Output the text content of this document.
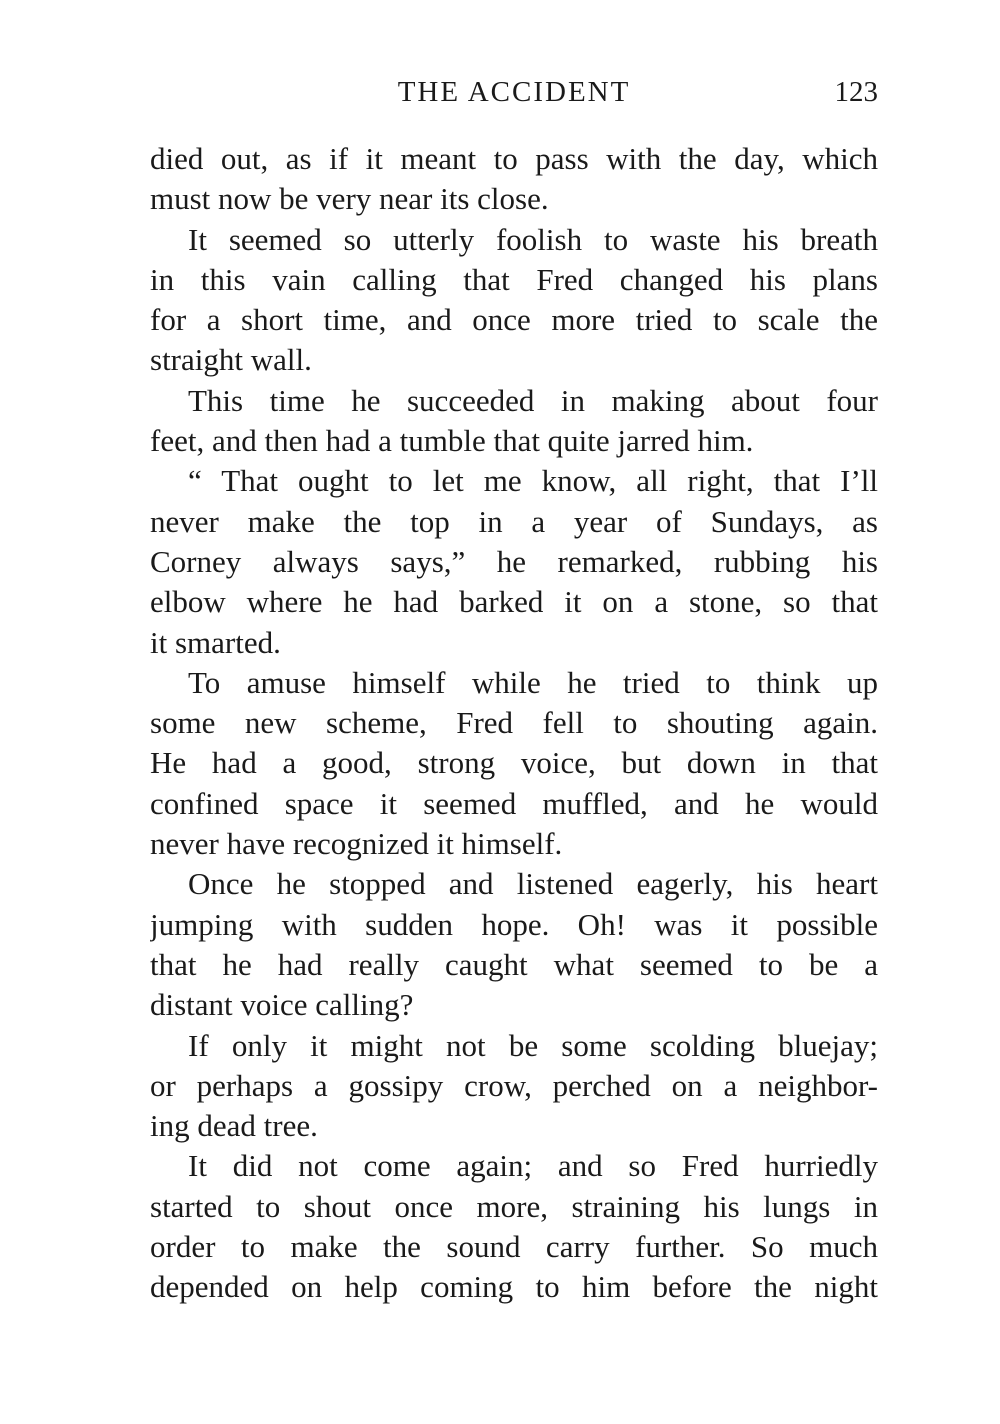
THE ACCIDENT	123
died out, as if it meant to pass with the day, which
must now be very near its close.
It seemed so utterly foolish to waste his breath
in this vain calling that Fred changed his plans
for a short time, and once more tried to scale the
straight wall.
This time he succeeded in making about four
feet, and then had a tumble that quite jarred him.
“ That ought to let me know, all right, that I’ll
never make the top in a year of Sundays, as
Corney always says,” he remarked, rubbing his
elbow where he had barked it on a stone, so that
it smarted.
To amuse himself while he tried to think up
some new scheme, Fred fell to shouting again.
He had a good, strong voice, but down in that
confined space it seemed muffled, and he would
never have recognized it himself.
Once he stopped and listened eagerly, his heart
jumping with sudden hope. Oh! was it possible
that he had really caught what seemed to be a
distant voice calling?
If only it might not be some scolding bluejay;
or perhaps a gossipy crow, perched on a neighbor-
ing dead tree.
It did not come again; and so Fred hurriedly
started to shout once more, straining his lungs in
order to make the sound carry further. So much
depended on help coming to him before the night
